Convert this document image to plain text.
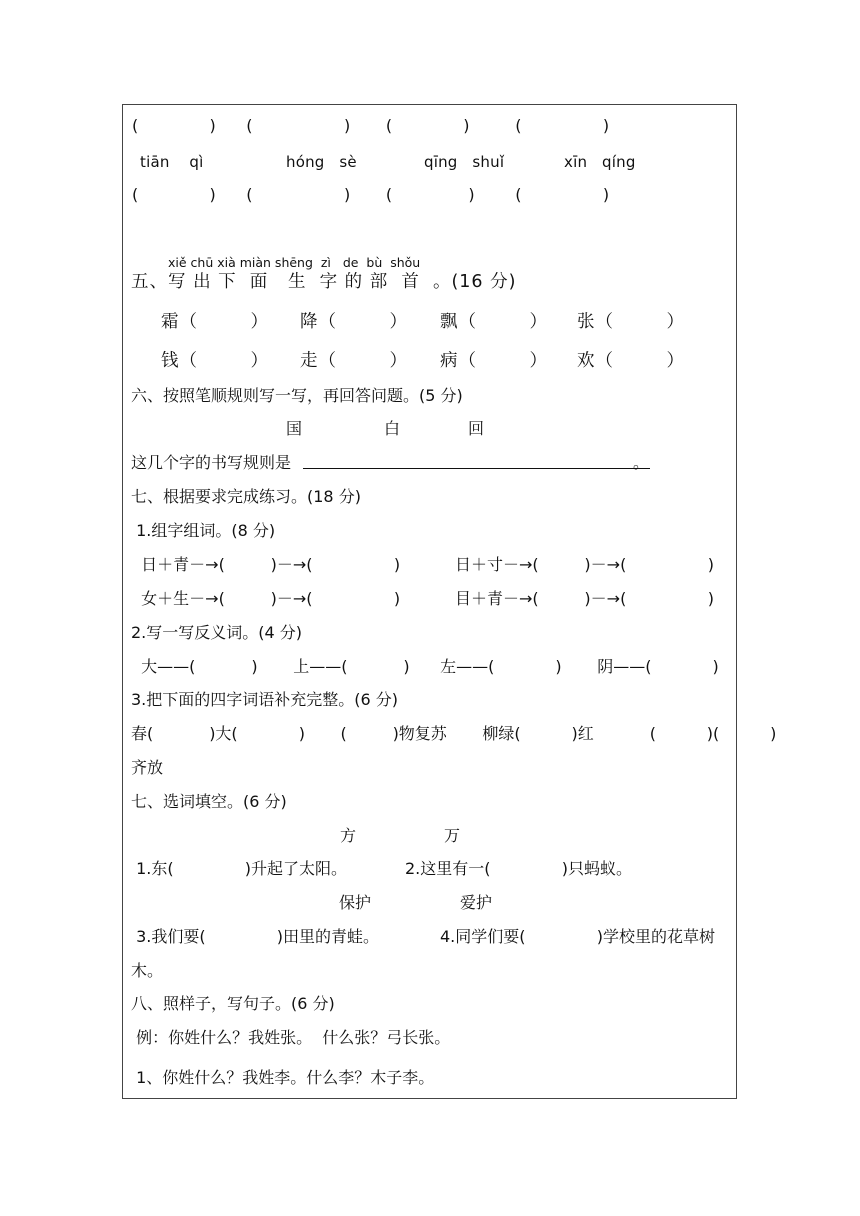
(              )      (                  )       (              )         (                )
tiān    qì	hóng   sè	qīng   shuǐ	xīn   qíng
(              )      (                  )       (               )        (                )
xiě chū xià miàn shēng  zì   de  bù  shǒu
五、写 出 下  面   生  字 的 部  首  。(16 分)
霜（        ） 降（        ） 飘（        ） 张（        ）
钱（        ） 走（        ） 病（        ） 欢（        ）
六、按照笔顺规则写一写，再回答问题。(5 分)
国	白	回
这几个字的书写规则是	。
七、根据要求完成练习。(18 分)
1.组字组词。(8 分)
日＋青－→(         )－→(                )	日＋寸－→(         )－→(                )
女＋生－→(         )－→(                )	目＋青－→(         )－→(                )
2.写一写反义词。(4 分)
大——(           )       上——(           )      左——(            )       阴——(            )
3.把下面的四字词语补充完整。(6 分)
春(           )大(            )       (         )物复苏       柳绿(          )红           (          )(          )
齐放
七、选词填空。(6 分)
方	万
1.东(              )升起了太阳。	2.这里有一(              )只蚂蚁。
保护	爱护
3.我们要(              )田里的青蛙。	4.同学们要(              )学校里的花草树
木。
八、照样子，写句子。(6 分)
例：你姓什么？我姓张。  什么张？弓长张。
1、你姓什么？我姓李。什么李？木子李。
